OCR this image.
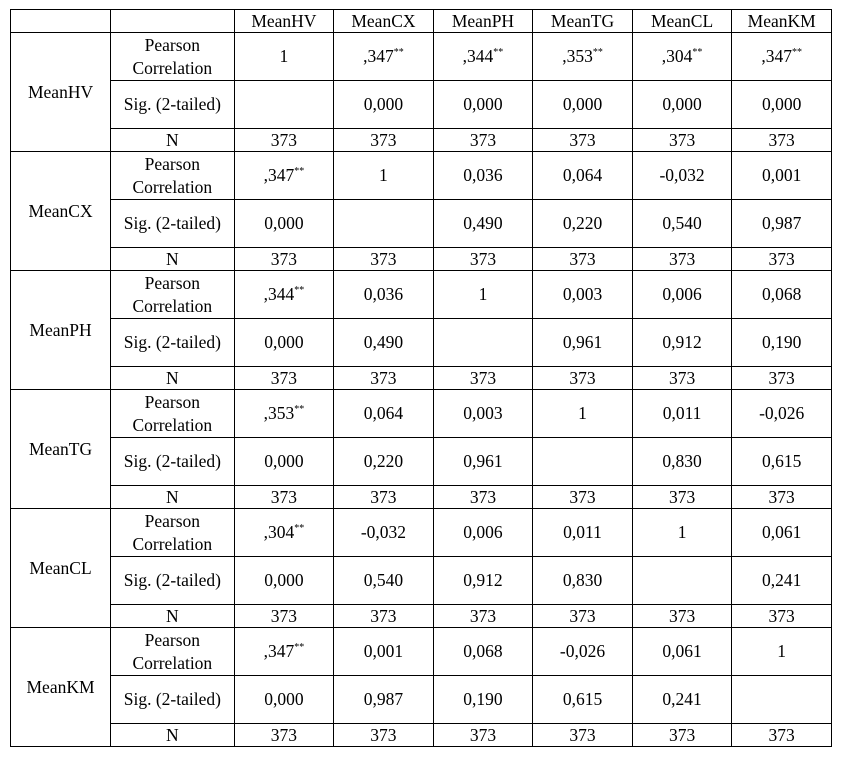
		MeanHV	MeanCX	MeanPH	MeanTG	MeanCL	MeanKM
MeanHV	Pearson Correlation	1	,347**	,344**	,353**	,304**	,347**
	Sig. (2-tailed)		0,000	0,000	0,000	0,000	0,000
	N	373	373	373	373	373	373
MeanCX	Pearson Correlation	,347**	1	0,036	0,064	-0,032	0,001
	Sig. (2-tailed)	0,000		0,490	0,220	0,540	0,987
	N	373	373	373	373	373	373
MeanPH	Pearson Correlation	,344**	0,036	1	0,003	0,006	0,068
	Sig. (2-tailed)	0,000	0,490		0,961	0,912	0,190
	N	373	373	373	373	373	373
MeanTG	Pearson Correlation	,353**	0,064	0,003	1	0,011	-0,026
	Sig. (2-tailed)	0,000	0,220	0,961		0,830	0,615
	N	373	373	373	373	373	373
MeanCL	Pearson Correlation	,304**	-0,032	0,006	0,011	1	0,061
	Sig. (2-tailed)	0,000	0,540	0,912	0,830		0,241
	N	373	373	373	373	373	373
MeanKM	Pearson Correlation	,347**	0,001	0,068	-0,026	0,061	1
	Sig. (2-tailed)	0,000	0,987	0,190	0,615	0,241	
	N	373	373	373	373	373	373
